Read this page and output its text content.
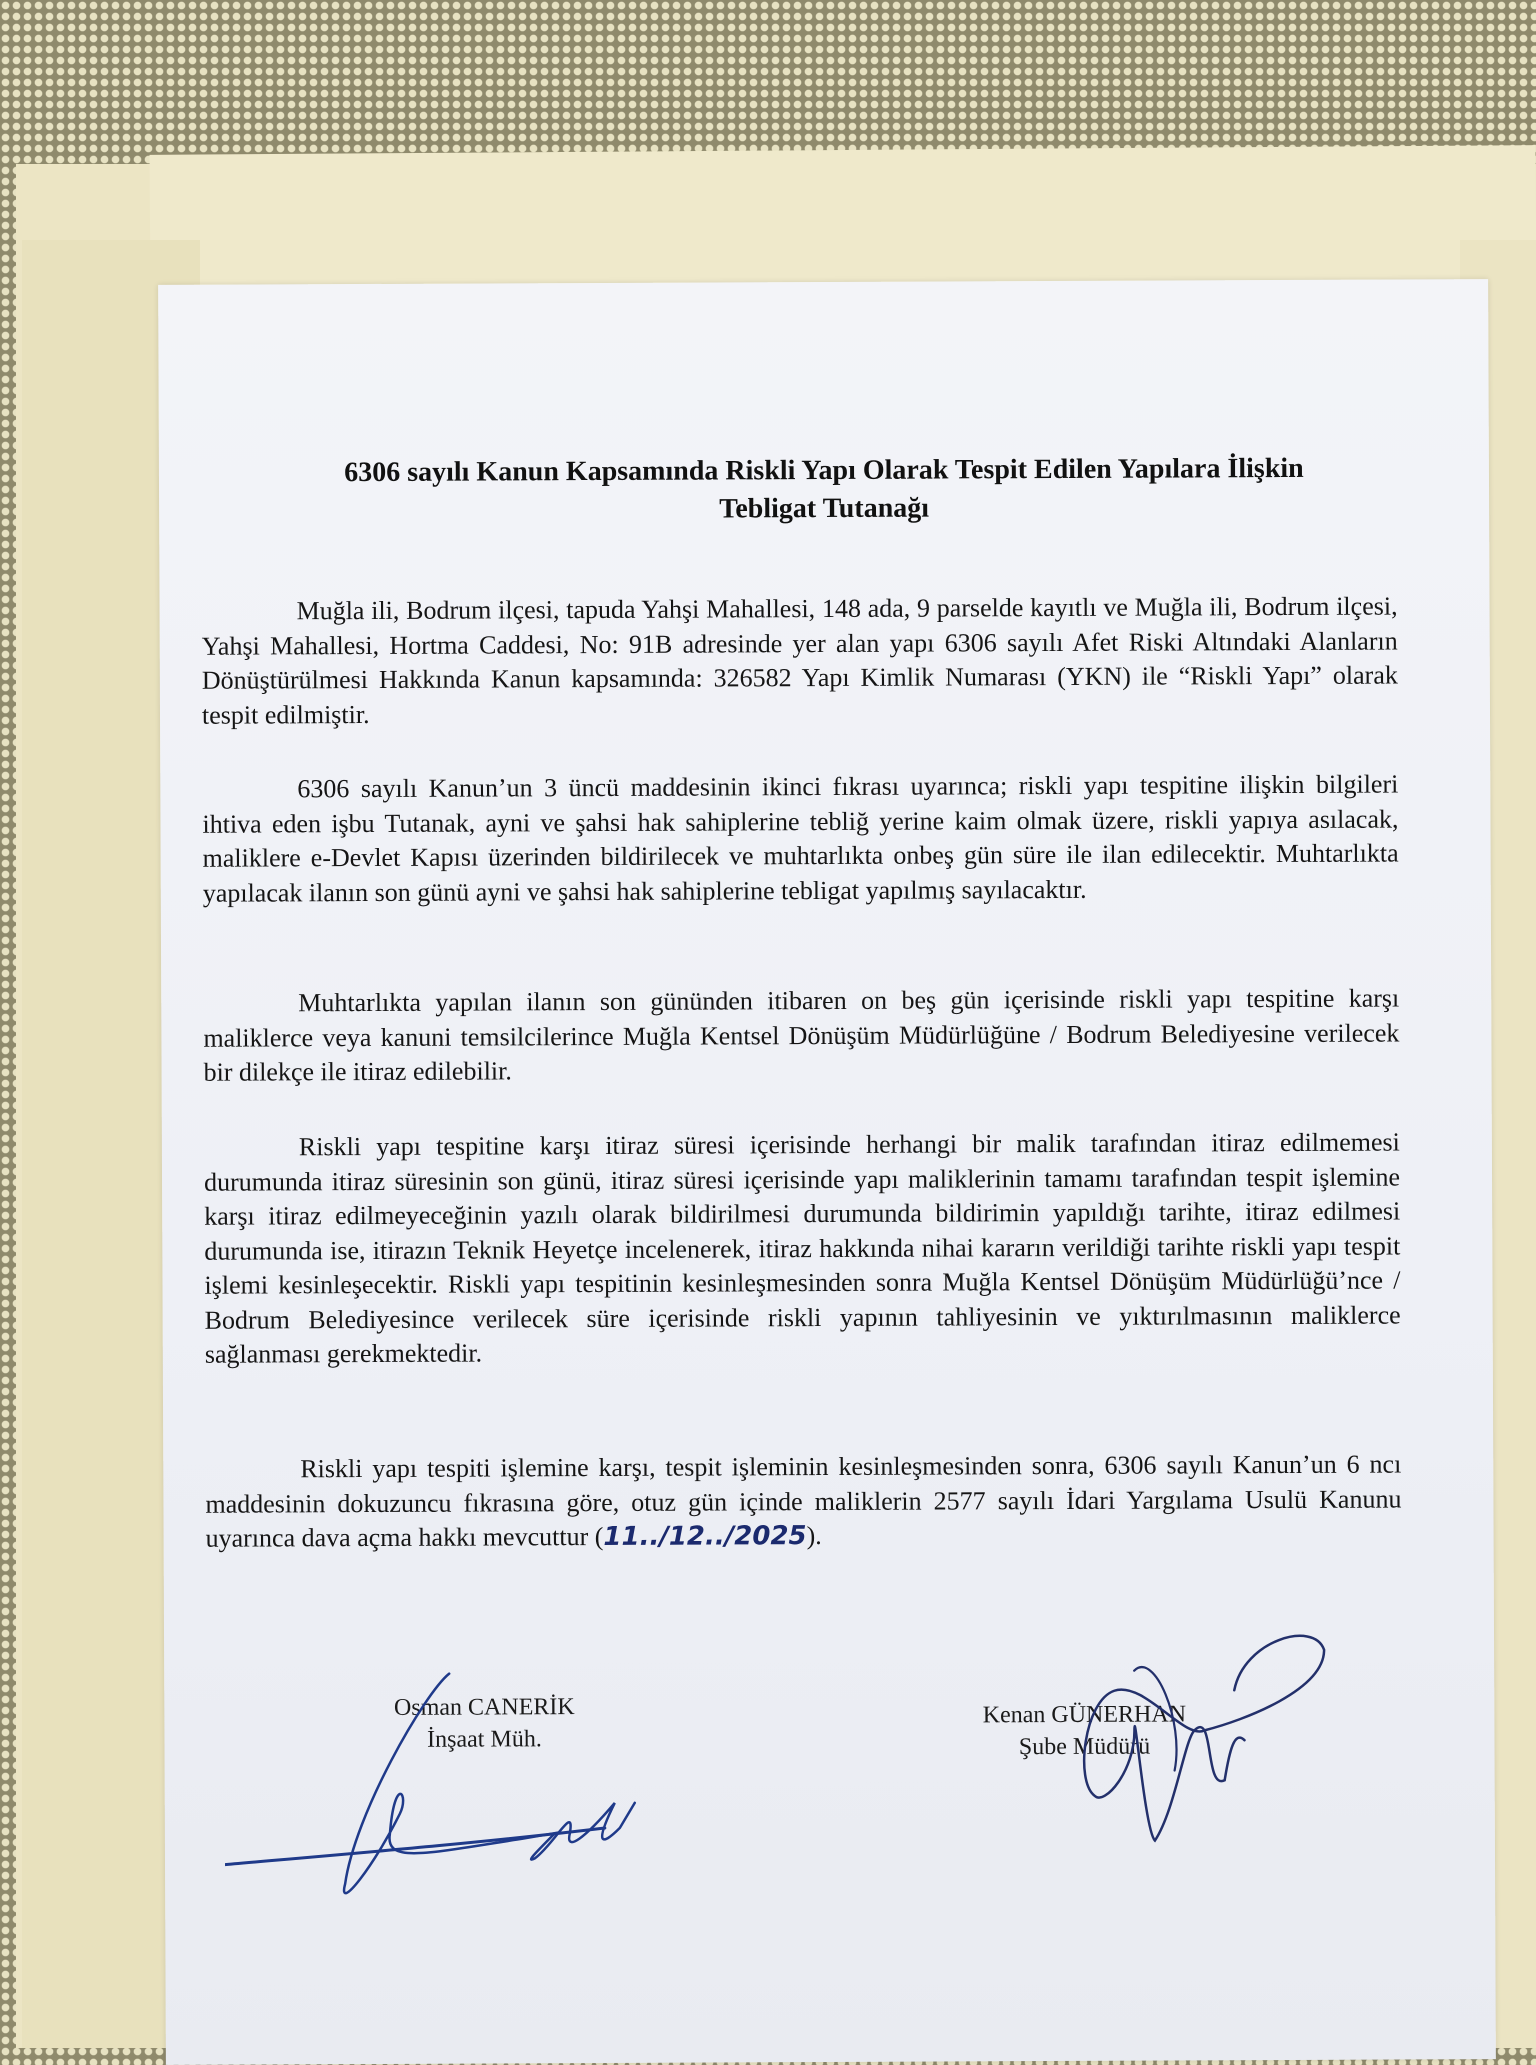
6306 sayılı Kanun Kapsamında Riskli Yapı Olarak Tespit Edilen Yapılara İlişkin
Tebligat Tutanağı

Muğla ili, Bodrum ilçesi, tapuda Yahşi Mahallesi, 148 ada, 9 parselde kayıtlı ve Muğla ili, Bodrum ilçesi, Yahşi Mahallesi, Hortma Caddesi, No: 91B adresinde yer alan yapı 6306 sayılı Afet Riski Altındaki Alanların Dönüştürülmesi Hakkında Kanun kapsamında: 326582 Yapı Kimlik Numarası (YKN) ile “Riskli Yapı” olarak tespit edilmiştir.

6306 sayılı Kanun’un 3 üncü maddesinin ikinci fıkrası uyarınca; riskli yapı tespitine ilişkin bilgileri ihtiva eden işbu Tutanak, ayni ve şahsi hak sahiplerine tebliğ yerine kaim olmak üzere, riskli yapıya asılacak, maliklere e-Devlet Kapısı üzerinden bildirilecek ve muhtarlıkta onbeş gün süre ile ilan edilecektir. Muhtarlıkta yapılacak ilanın son günü ayni ve şahsi hak sahiplerine tebligat yapılmış sayılacaktır.

Muhtarlıkta yapılan ilanın son gününden itibaren on beş gün içerisinde riskli yapı tespitine karşı maliklerce veya kanuni temsilcilerince Muğla Kentsel Dönüşüm Müdürlüğüne / Bodrum Belediyesine verilecek bir dilekçe ile itiraz edilebilir.

Riskli yapı tespitine karşı itiraz süresi içerisinde herhangi bir malik tarafından itiraz edilmemesi durumunda itiraz süresinin son günü, itiraz süresi içerisinde yapı maliklerinin tamamı tarafından tespit işlemine karşı itiraz edilmeyeceğinin yazılı olarak bildirilmesi durumunda bildirimin yapıldığı tarihte, itiraz edilmesi durumunda ise, itirazın Teknik Heyetçe incelenerek, itiraz hakkında nihai kararın verildiği tarihte riskli yapı tespit işlemi kesinleşecektir. Riskli yapı tespitinin kesinleşmesinden sonra Muğla Kentsel Dönüşüm Müdürlüğü’nce / Bodrum Belediyesince verilecek süre içerisinde riskli yapının tahliyesinin ve yıktırılmasının maliklerce sağlanması gerekmektedir.

Riskli yapı tespiti işlemine karşı, tespit işleminin kesinleşmesinden sonra, 6306 sayılı Kanun’un 6 ncı maddesinin dokuzuncu fıkrasına göre, otuz gün içinde maliklerin 2577 sayılı İdari Yargılama Usulü Kanunu uyarınca dava açma hakkı mevcuttur (11../12../2025).

Osman CANERİK
İnşaat Müh.
Kenan GÜNERHAN
Şube Müdürü
